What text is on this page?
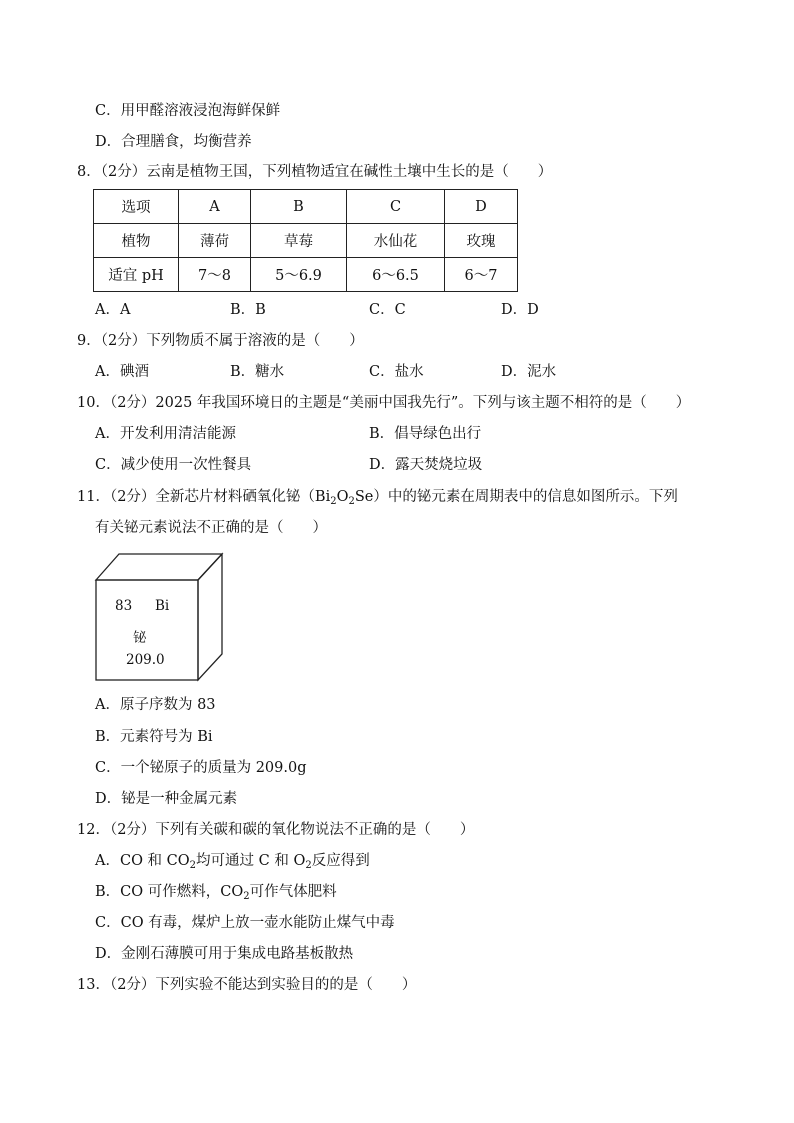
C．用甲醛溶液浸泡海鲜保鲜
D．合理膳食，均衡营养
8．（2分）云南是植物王国，下列植物适宜在碱性土壤中生长的是（　　）
选项	A	B	C	D
植物	薄荷	草莓	水仙花	玫瑰
适宜 pH	7～8	5～6.9	6～6.5	6～7
A．A	B．B	C．C	D．D
9．（2分）下列物质不属于溶液的是（　　）
A．碘酒	B．糖水	C．盐水	D．泥水
10．（2分）2025 年我国环境日的主题是“美丽中国我先行”。下列与该主题不相符的是（　　）
A．开发利用清洁能源	B．倡导绿色出行
C．减少使用一次性餐具	D．露天焚烧垃圾
11．（2分）全新芯片材料硒氧化铋$(Bi_2O_2Se)$中的铋元素在周期表中的信息如图所示。下列
有关铋元素说法不正确的是（　　）
83 Bi
铋
209.0
A．原子序数为 83
B．元素符号为 Bi
C．一个铋原子的质量为 209.0g
D．铋是一种金属元素
12．（2分）下列有关碳和碳的氧化物说法不正确的是（　　）
A．CO 和 $CO_2$均可通过 C 和 $O_2$反应得到
B．CO 可作燃料，$CO_2$可作气体肥料
C．CO 有毒，煤炉上放一壶水能防止煤气中毒
D．金刚石薄膜可用于集成电路基板散热
13．（2分）下列实验不能达到实验目的的是（　　）
